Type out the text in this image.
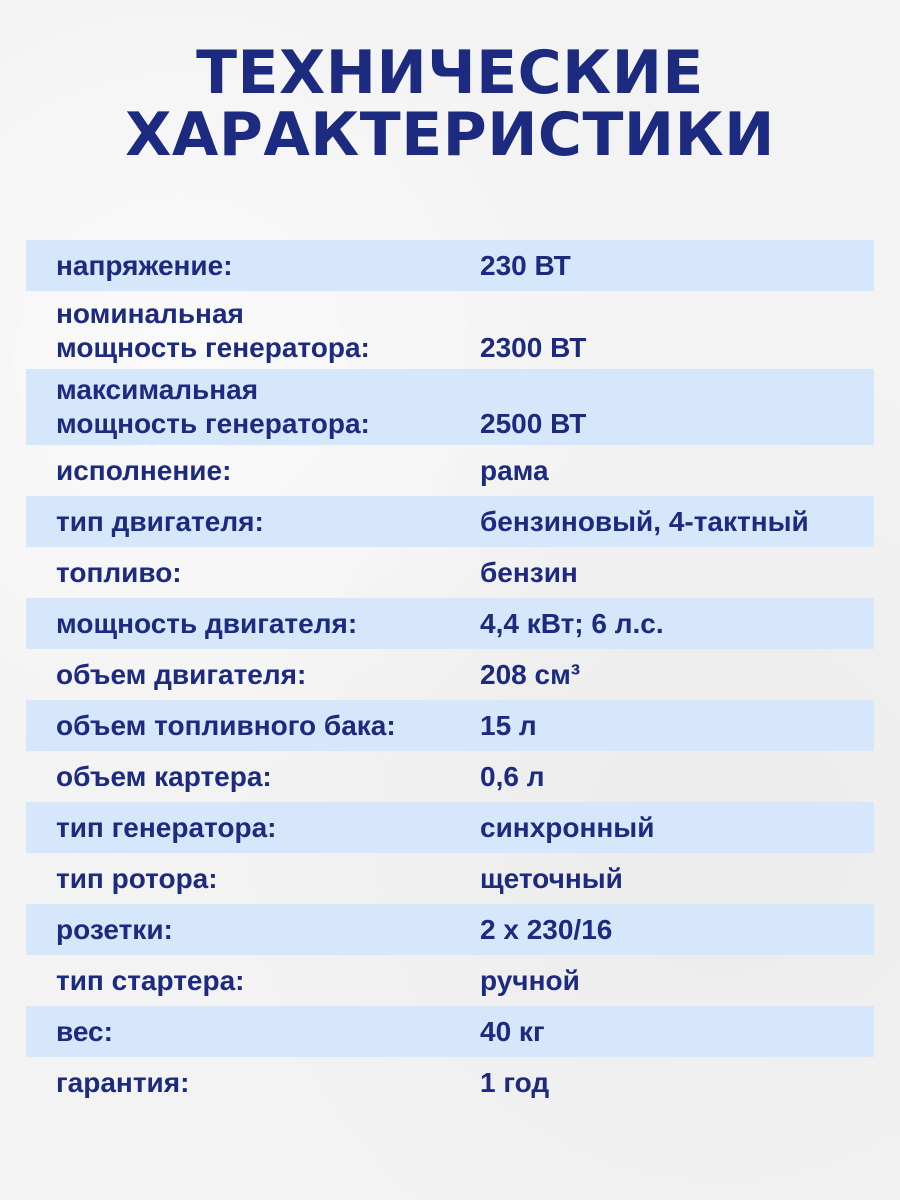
ТЕХНИЧЕСКИЕ
ХАРАКТЕРИСТИКИ
напряжение:	230 ВТ
номинальная
мощность генератора:	2300 ВТ
максимальная
мощность генератора:	2500 ВТ
исполнение:	рама
тип двигателя:	бензиновый, 4-тактный
топливо:	бензин
мощность двигателя:	4,4 кВт; 6 л.с.
объем двигателя:	208 см³
объем топливного бака:	15 л
объем картера:	0,6 л
тип генератора:	синхронный
тип ротора:	щеточный
розетки:	2 х 230/16
тип стартера:	ручной
вес:	40 кг
гарантия:	1 год
